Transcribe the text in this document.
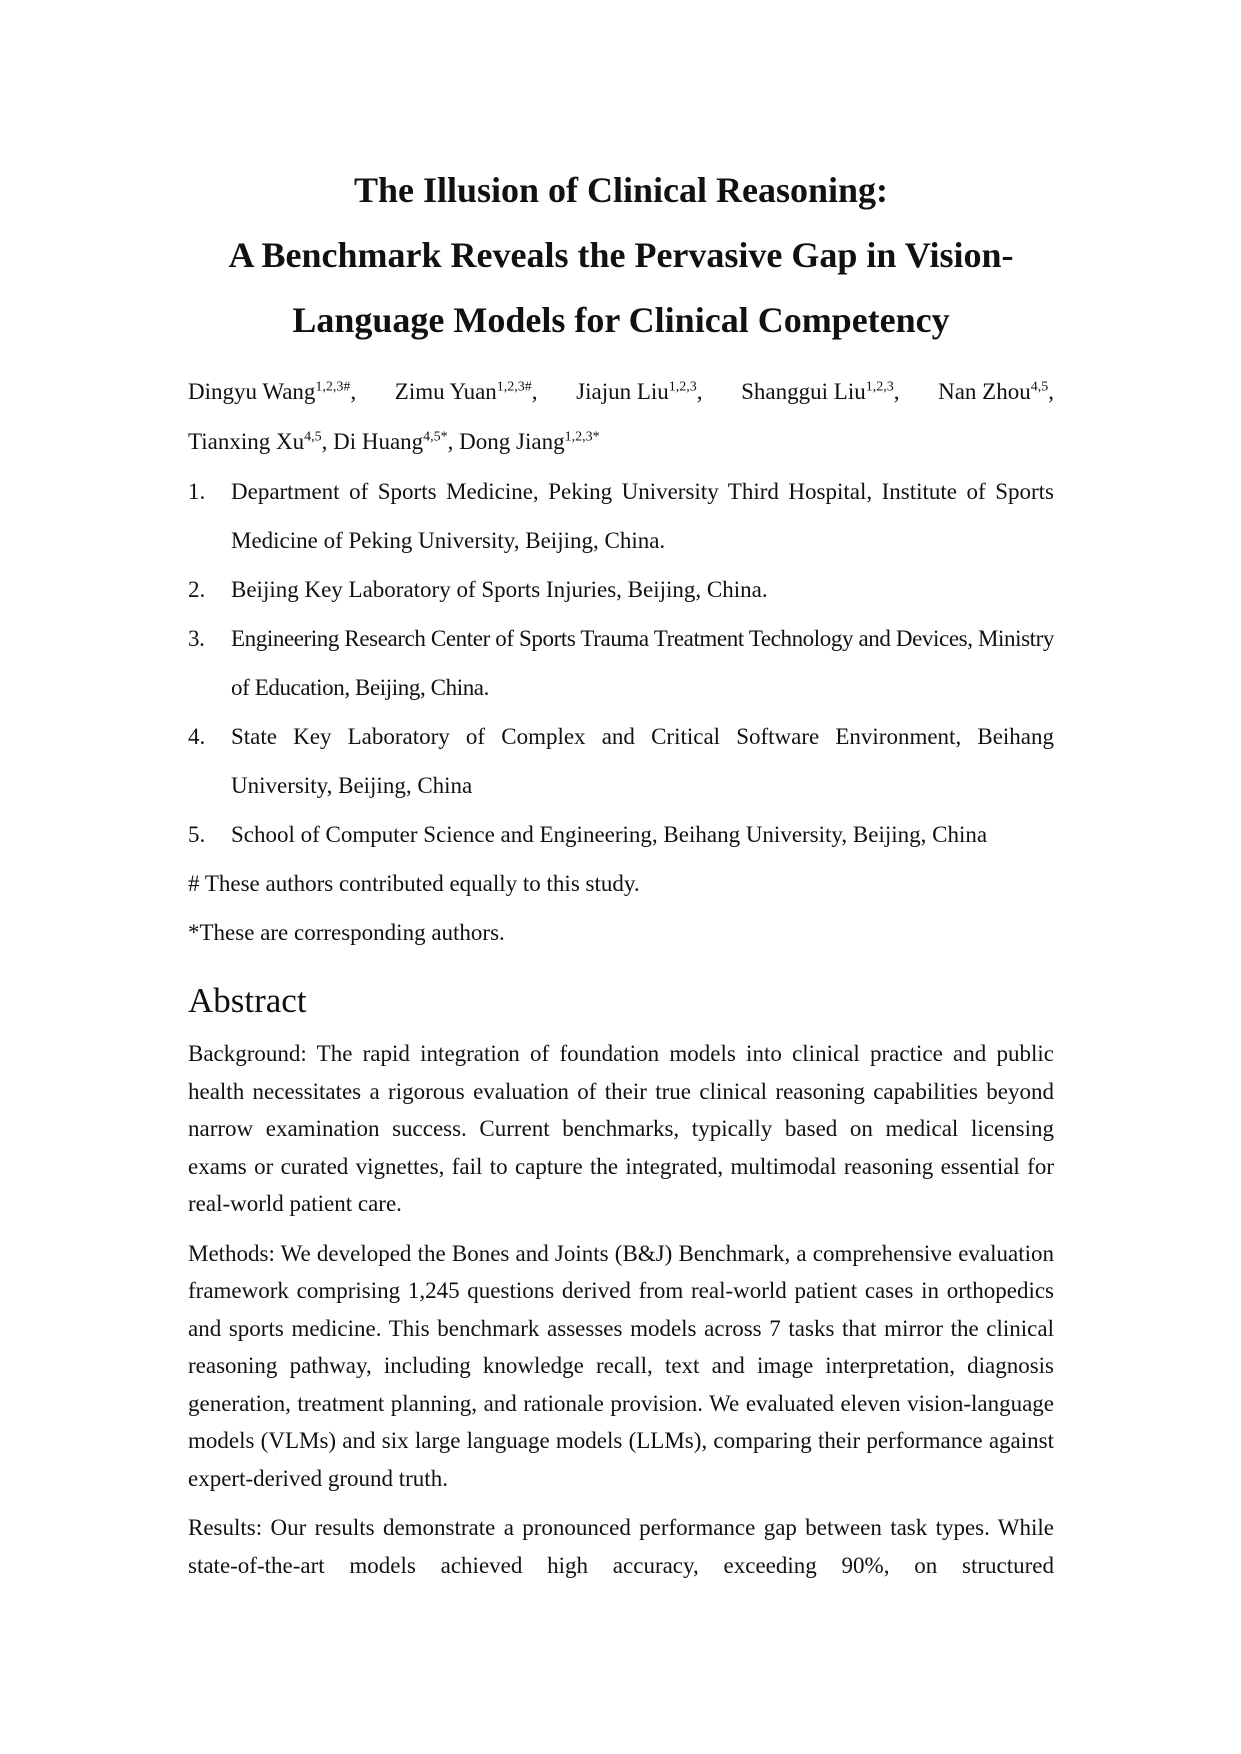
The Illusion of Clinical Reasoning:
A Benchmark Reveals the Pervasive Gap in Vision-
Language Models for Clinical Competency
Dingyu Wang$^{1,2,3\#}$, Zimu Yuan$^{1,2,3\#}$, Jiajun Liu$^{1,2,3}$, Shanggui Liu$^{1,2,3}$, Nan Zhou$^{4,5}$,
Tianxing Xu$^{4,5}$, Di Huang$^{4,5*}$, Dong Jiang$^{1,2,3*}$
1. Department of Sports Medicine, Peking University Third Hospital, Institute of Sports Medicine of Peking University, Beijing, China.
2. Beijing Key Laboratory of Sports Injuries, Beijing, China.
3. Engineering Research Center of Sports Trauma Treatment Technology and Devices, Ministry of Education, Beijing, China.
4. State Key Laboratory of Complex and Critical Software Environment, Beihang University, Beijing, China
5. School of Computer Science and Engineering, Beihang University, Beijing, China
# These authors contributed equally to this study.
*These are corresponding authors.
Abstract

Background: The rapid integration of foundation models into clinical practice and public health necessitates a rigorous evaluation of their true clinical reasoning capabilities beyond narrow examination success. Current benchmarks, typically based on medical licensing exams or curated vignettes, fail to capture the integrated, multimodal reasoning essential for real-world patient care.

Methods: We developed the Bones and Joints (B&J) Benchmark, a comprehensive evaluation framework comprising 1,245 questions derived from real-world patient cases in orthopedics and sports medicine. This benchmark assesses models across 7 tasks that mirror the clinical reasoning pathway, including knowledge recall, text and image interpretation, diagnosis generation, treatment planning, and rationale provision. We evaluated eleven vision-language models (VLMs) and six large language models (LLMs), comparing their performance against expert-derived ground truth.

Results: Our results demonstrate a pronounced performance gap between task types. While state-of-the-art models achieved high accuracy, exceeding 90%, on structured
